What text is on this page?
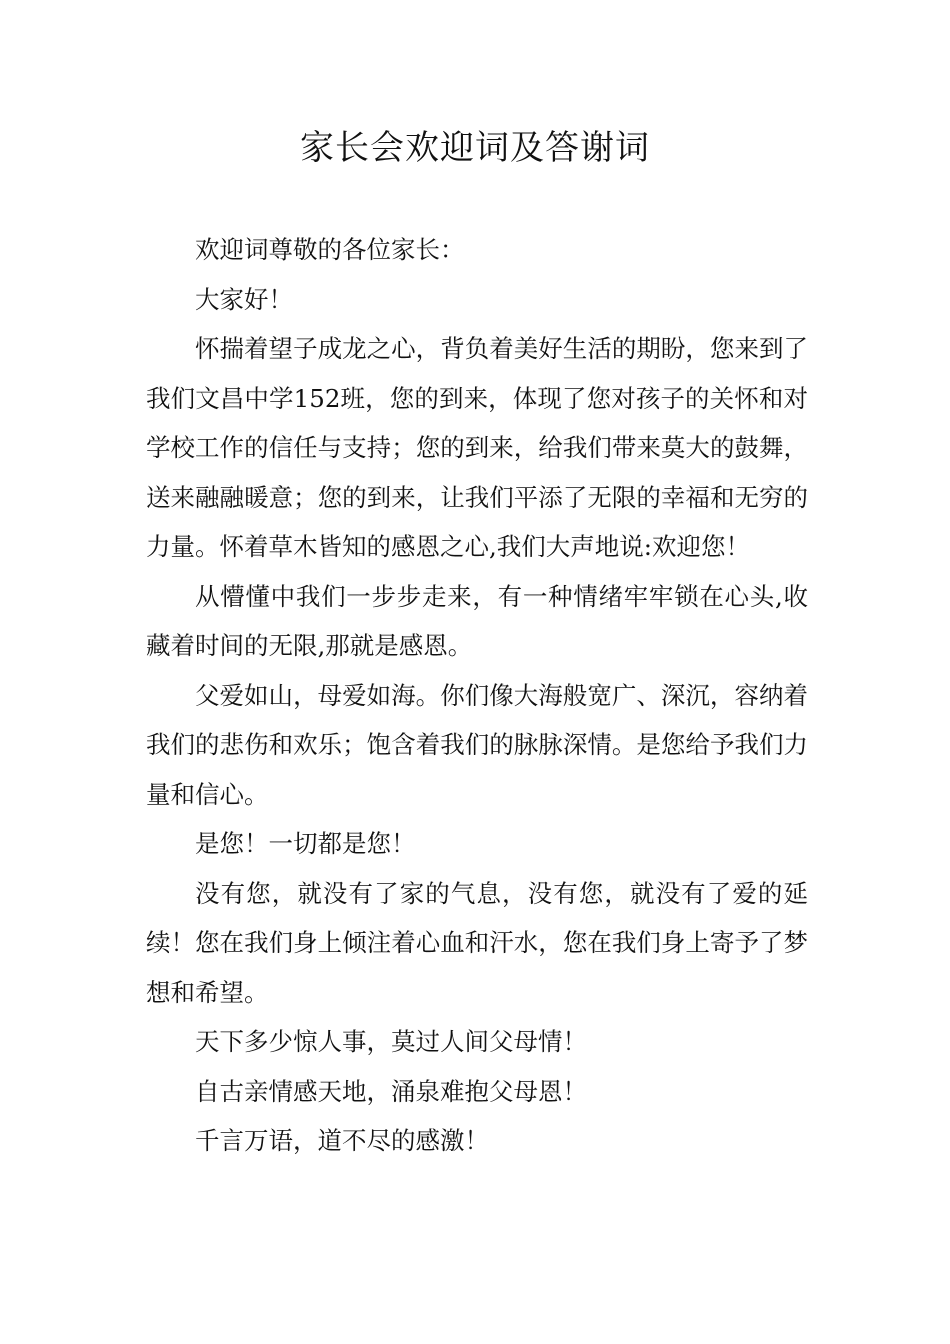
家长会欢迎词及答谢词

欢迎词尊敬的各位家长：

大家好！

怀揣着望子成龙之心，背负着美好生活的期盼，您来到了我们文昌中学152班，您的到来，体现了您对孩子的关怀和对学校工作的信任与支持；您的到来，给我们带来莫大的鼓舞，送来融融暖意；您的到来，让我们平添了无限的幸福和无穷的力量。怀着草木皆知的感恩之心,我们大声地说:欢迎您！

从懵懂中我们一步步走来，有一种情绪牢牢锁在心头,收藏着时间的无限,那就是感恩。

父爱如山，母爱如海。你们像大海般宽广、深沉，容纳着我们的悲伤和欢乐；饱含着我们的脉脉深情。是您给予我们力量和信心。

是您！一切都是您！

没有您，就没有了家的气息，没有您，就没有了爱的延续！您在我们身上倾注着心血和汗水，您在我们身上寄予了梦想和希望。

天下多少惊人事，莫过人间父母情！

自古亲情感天地，涌泉难抱父母恩！

千言万语，道不尽的感激！
